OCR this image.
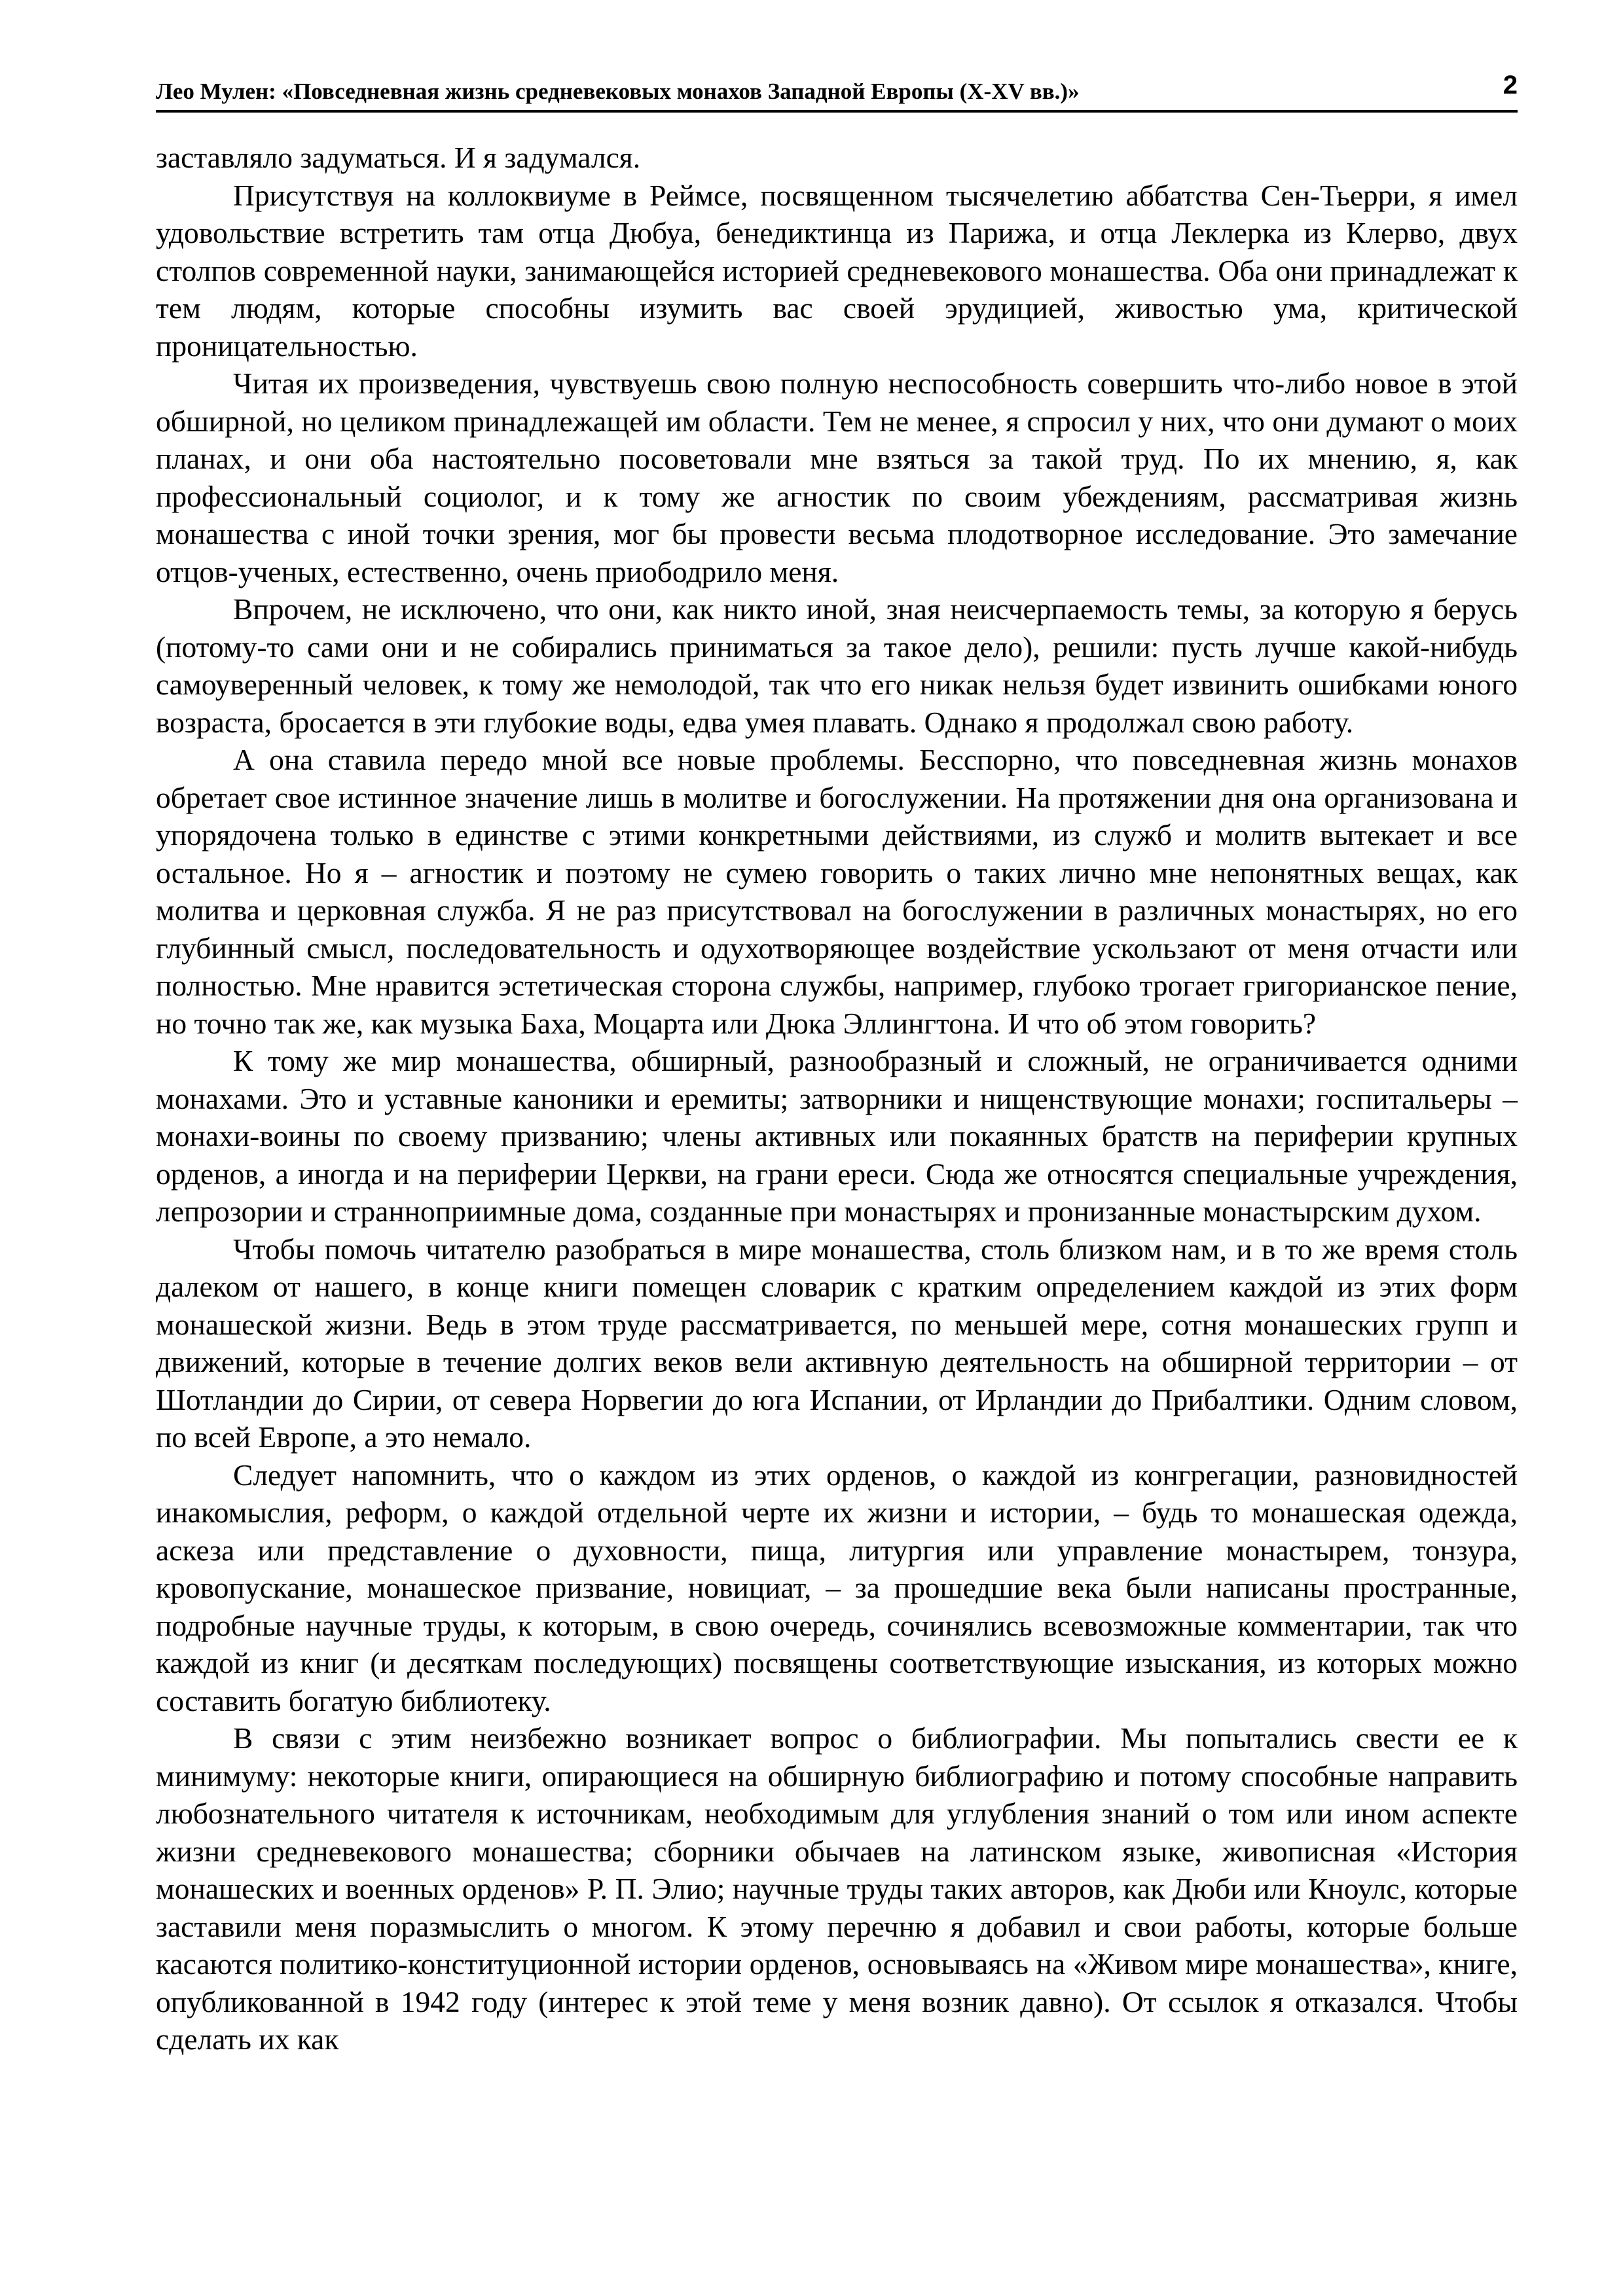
Лео Мулен: «Повседневная жизнь средневековых монахов Западной Европы (X-XV вв.)»	2

заставляло задуматься. И я задумался.

Присутствуя на коллоквиуме в Реймсе, посвященном тысячелетию аббатства Сен-Тьерри, я имел удовольствие встретить там отца Дюбуа, бенедиктинца из Парижа, и отца Леклерка из Клерво, двух столпов современной науки, занимающейся историей средневекового монашества. Оба они принадлежат к тем людям, которые способны изумить вас своей эрудицией, живостью ума, критической проницательностью.

Читая их произведения, чувствуешь свою полную неспособность совершить что-либо новое в этой обширной, но целиком принадлежащей им области. Тем не менее, я спросил у них, что они думают о моих планах, и они оба настоятельно посоветовали мне взяться за такой труд. По их мнению, я, как профессиональный социолог, и к тому же агностик по своим убеждениям, рассматривая жизнь монашества с иной точки зрения, мог бы провести весьма плодотворное исследование. Это замечание отцов-ученых, естественно, очень приободрило меня.

Впрочем, не исключено, что они, как никто иной, зная неисчерпаемость темы, за которую я берусь (потому-то сами они и не собирались приниматься за такое дело), решили: пусть лучше какой-нибудь самоуверенный человек, к тому же немолодой, так что его никак нельзя будет извинить ошибками юного возраста, бросается в эти глубокие воды, едва умея плавать. Однако я продолжал свою работу.

А она ставила передо мной все новые проблемы. Бесспорно, что повседневная жизнь монахов обретает свое истинное значение лишь в молитве и богослужении. На протяжении дня она организована и упорядочена только в единстве с этими конкретными действиями, из служб и молитв вытекает и все остальное. Но я – агностик и поэтому не сумею говорить о таких лично мне непонятных вещах, как молитва и церковная служба. Я не раз присутствовал на богослужении в различных монастырях, но его глубинный смысл, последовательность и одухотворяющее воздействие ускользают от меня отчасти или полностью. Мне нравится эстетическая сторона службы, например, глубоко трогает григорианское пение, но точно так же, как музыка Баха, Моцарта или Дюка Эллингтона. И что об этом говорить?

К тому же мир монашества, обширный, разнообразный и сложный, не ограничивается одними монахами. Это и уставные каноники и еремиты; затворники и нищенствующие монахи; госпитальеры – монахи-воины по своему призванию; члены активных или покаянных братств на периферии крупных орденов, а иногда и на периферии Церкви, на грани ереси. Сюда же относятся специальные учреждения, лепрозории и странноприимные дома, созданные при монастырях и пронизанные монастырским духом.

Чтобы помочь читателю разобраться в мире монашества, столь близком нам, и в то же время столь далеком от нашего, в конце книги помещен словарик с кратким определением каждой из этих форм монашеской жизни. Ведь в этом труде рассматривается, по меньшей мере, сотня монашеских групп и движений, которые в течение долгих веков вели активную деятельность на обширной территории – от Шотландии до Сирии, от севера Норвегии до юга Испании, от Ирландии до Прибалтики. Одним словом, по всей Европе, а это немало.

Следует напомнить, что о каждом из этих орденов, о каждой из конгрегации, разновидностей инакомыслия, реформ, о каждой отдельной черте их жизни и истории, – будь то монашеская одежда, аскеза или представление о духовности, пища, литургия или управление монастырем, тонзура, кровопускание, монашеское призвание, новициат, – за прошедшие века были написаны пространные, подробные научные труды, к которым, в свою очередь, сочинялись всевозможные комментарии, так что каждой из книг (и десяткам последующих) посвящены соответствующие изыскания, из которых можно составить богатую библиотеку.

В связи с этим неизбежно возникает вопрос о библиографии. Мы попытались свести ее к минимуму: некоторые книги, опирающиеся на обширную библиографию и потому способные направить любознательного читателя к источникам, необходимым для углубления знаний о том или ином аспекте жизни средневекового монашества; сборники обычаев на латинском языке, живописная «История монашеских и военных орденов» Р. П. Элио; научные труды таких авторов, как Дюби или Кноулс, которые заставили меня поразмыслить о многом. К этому перечню я добавил и свои работы, которые больше касаются политико-конституционной истории орденов, основываясь на «Живом мире монашества», книге, опубликованной в 1942 году (интерес к этой теме у меня возник давно). От ссылок я отказался. Чтобы сделать их как
